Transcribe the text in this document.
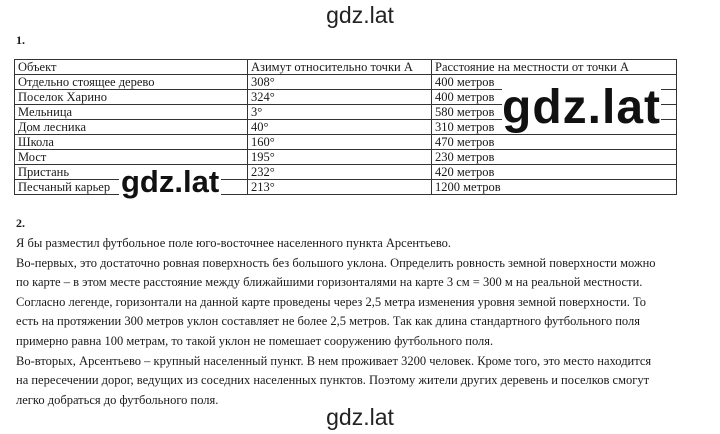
gdz.lat
1.
Объект	Азимут относительно точки А	Расстояние на местности от точки А
Отдельно стоящее дерево	308°	400 метров
Поселок Харино	324°	400 метров
Мельница	3°	580 метров
Дом лесника	40°	310 метров
Школа	160°	470 метров
Мост	195°	230 метров
Пристань	232°	420 метров
Песчаный карьер	213°	1200 метров
gdz.lat
gdz.lat
2.

Я бы разместил футбольное поле юго-восточнее населенного пункта Арсентьево.

Во-первых, это достаточно ровная поверхность без большого уклона. Определить ровность земной поверхности можно

по карте – в этом месте расстояние между ближайшими горизонталями на карте 3 см = 300 м на реальной местности.

Согласно легенде, горизонтали на данной карте проведены через 2,5 метра изменения уровня земной поверхности. То

есть на протяжении 300 метров уклон составляет не более 2,5 метров. Так как длина стандартного футбольного поля

примерно равна 100 метрам, то такой уклон не помешает сооружению футбольного поля.

Во-вторых, Арсентьево – крупный населенный пункт. В нем проживает 3200 человек. Кроме того, это место находится

на пересечении дорог, ведущих из соседних населенных пунктов. Поэтому жители других деревень и поселков смогут

легко добраться до футбольного поля.

gdz.lat
